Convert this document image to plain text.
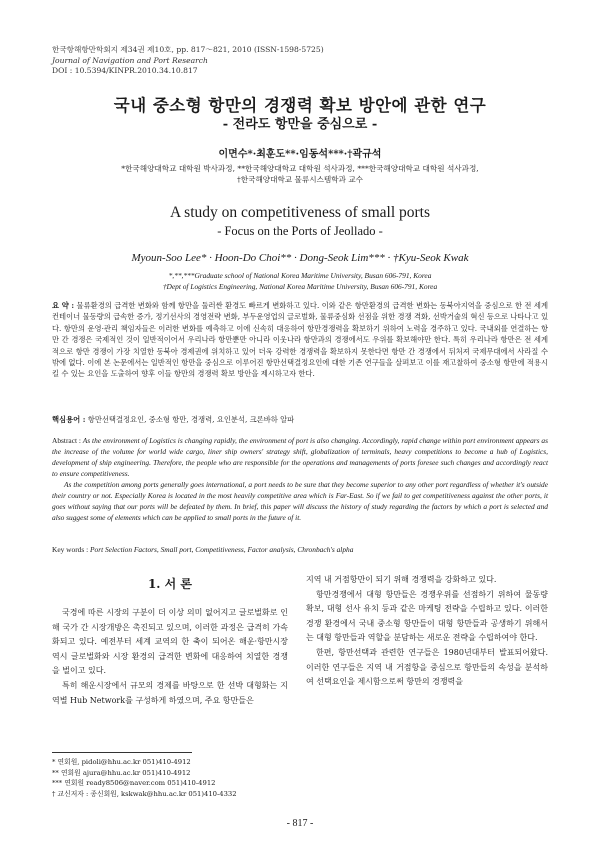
한국항해항만학회지 제34권 제10호, pp. 817～821, 2010 (ISSN-1598-5725)
Journal of Navigation and Port Research
DOI : 10.5394/KINPR.2010.34.10.817
국내 중소형 항만의 경쟁력 확보 방안에 관한 연구
- 전라도 항만을 중심으로 -
이면수*·최훈도**·임동석***·†곽규석
*한국해양대학교 대학원 박사과정, **한국해양대학교 대학원 석사과정, ***한국해양대학교 대학원 석사과정,
†한국해양대학교 물류시스템학과 교수
A study on competitiveness of small ports
- Focus on the Ports of Jeollado -
Myoun-Soo Lee* · Hoon-Do Choi** · Dong-Seok Lim*** · †Kyu-Seok Kwak
*,**,***Graduate school of National Korea Maritime University, Busan 606-791, Korea
†Dept of Logistics Engineering, National Korea Maritime University, Busan 606-791, Korea
요 약 : 물류환경의 급격한 변화와 함께 항만을 둘러싼 환경도 빠르게 변화하고 있다. 이와 같은 항만환경의 급격한 변화는 동북아지역을 중심으로 한 전 세계 컨테이너 물동량의 급속한 증가, 정기선사의 경영전략 변화, 부두운영업의 글로벌화, 물류중심화 선점을 위한 경쟁 격화, 선박거술의 혁신 등으로 나타나고 있다. 항만의 운영·관리 책임자들은 이러한 변화를 예측하고 이에 신속히 대응하여 항만경쟁력을 확보하기 위하여 노력을 경주하고 있다. 국내외를 연결하는 항만 간 경쟁은 국제적인 것이 일반적이어서 우리나라 항만뿐만 아니라 이웃나라 항만과의 경쟁에서도 우위를 확보해야만 한다. 특히 우리나라 항만은 전 세계적으로 항만 경쟁이 가장 치열한 동북아 경제권에 위치하고 있어 더욱 강력한 경쟁력을 확보하지 못한다면 항만 간 경쟁에서 뒤처져 국제무대에서 사라질 수밖에 없다. 이에 본 논문에서는 일반적인 항만을 중심으로 이루어진 항만선택결정요인에 대한 기존 연구들을 살펴보고 이를 재고찰하여 중소형 항만에 적용시킬 수 있는 요인을 도출하여 향후 이들 항만의 경쟁력 확보 방안을 제시하고자 한다.
핵심용어 : 항만선택결정요인, 중소형 항만, 경쟁력, 요인분석, 크론바하 알파

Abstract : As the environment of Logistics is changing rapidly, the environment of port is also changing. Accordingly, rapid change within port environment appears as the increase of the volume for world wide cargo, liner ship owners' strategy shift, globalization of terminals, heavy competitions to become a hub of Logistics, development of ship engineering. Therefore, the people who are responsible for the operations and managements of ports foresee such changes and accordingly react to ensure competitiveness.

As the competition among ports generally goes international, a port needs to be sure that they become superior to any other port regardless of whether it's outside their country or not. Especially Korea is located in the most heavily competitive area which is Far-East. So if we fail to get competitiveness against the other ports, it goes without saying that our ports will be defeated by them. In brief, this paper will discuss the history of study regarding the factors by which a port is selected and also suggest some of elements which can be applied to small ports in the future of it.

Key words : Port Selection Factors, Small port, Competitiveness, Factor analysis, Chronbach's alpha
1. 서 론

국경에 따른 시장의 구분이 더 이상 의미 없어지고 글로벌화로 인해 국가 간 시장개방은 촉진되고 있으며, 이러한 과정은 급격히 가속화되고 있다. 예전부터 세계 교역의 한 축이 되어온 해운·항만시장 역시 글로벌화와 시장 환경의 급격한 변화에 대응하여 치열한 경쟁을 벌이고 있다.

특히 해운시장에서 규모의 경제를 바탕으로 한 선박 대형화는 지역별 Hub Network를 구성하게 하였으며, 주요 항만들은

지역 내 거점항만이 되기 위해 경쟁력을 강화하고 있다.

항만경쟁에서 대형 항만들은 경쟁우위를 선점하기 위하여 물동량 확보, 대형 선사 유치 등과 같은 마케팅 전략을 수립하고 있다. 이러한 경쟁 환경에서 국내 중소형 항만들이 대형 항만들과 공생하기 위해서는 대형 항만들과 역할을 분담하는 새로운 전략을 수립하여야 한다.

한편, 항만선택과 관련한 연구들은 1980년대부터 발표되어왔다. 이러한 연구들은 지역 내 거점항을 중심으로 항만들의 속성을 분석하여 선택요인을 제시함으로써 항만의 경쟁력을

* 연회원, pidoli@hhu.ac.kr 051)410-4912
** 연회원 ajura@hhu.ac.kr 051)410-4912
*** 연회원 ready8506@naver.com 051)410-4912
† 교신저자 : 종신회원, kskwak@hhu.ac.kr 051)410-4332
- 817 -
